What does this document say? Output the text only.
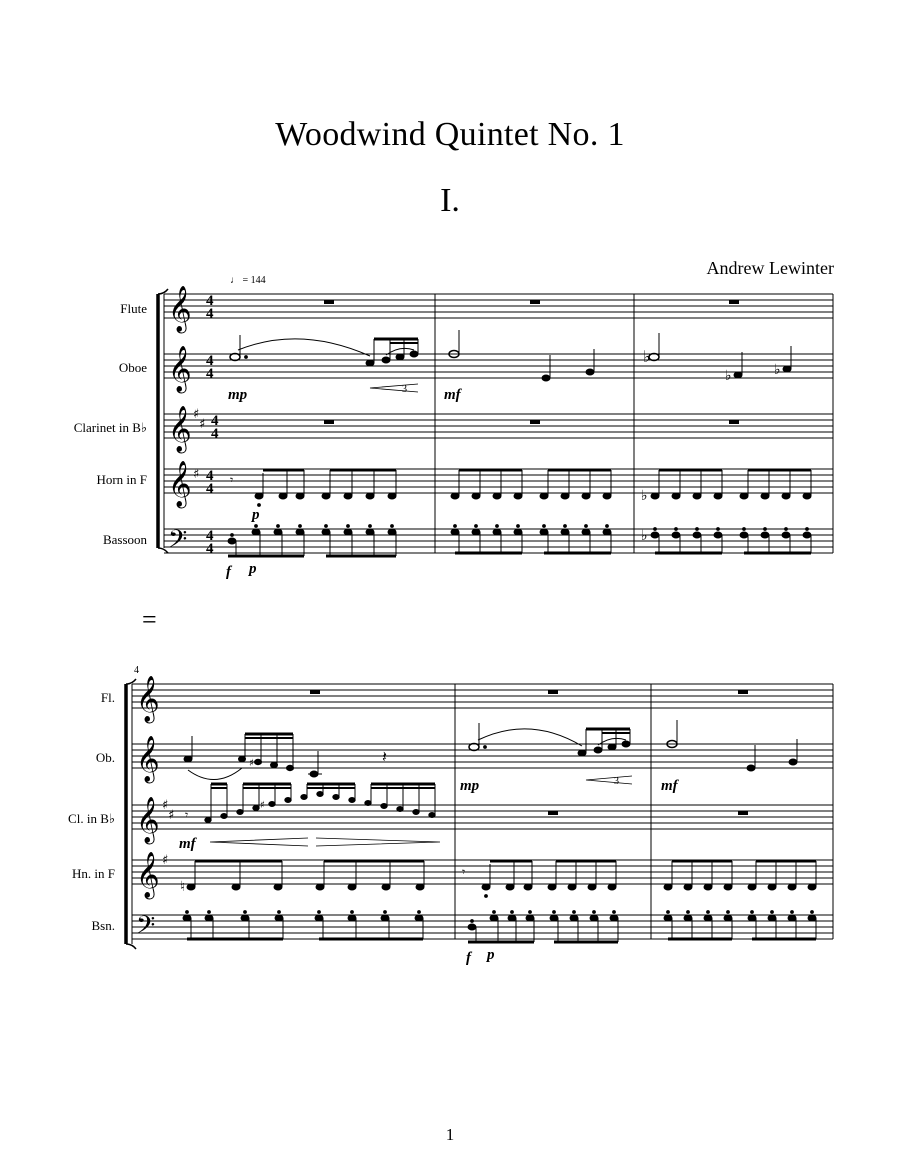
Woodwind Quintet No. 1
I.
Andrew Lewinter
1
♩ = 144
Flute
Oboe
Clarinet in B♭
Horn in F
Bassoon
𝄞
𝄞
𝄞
𝄞
𝄢
♯
♯
♯
4
4
4
4
4
4
4
4
4
4
3
mp	mf
♭
♭	♭
𝄾
p
♭
f p
♭
=
4
Fl.
Ob.
Cl. in B♭
Hn. in F
Bsn.
𝄞
𝄞
𝄞
𝄞
𝄢
♯
♯
♯
♯	𝄽
3
mp	mf
𝄾
♯
mf
♮
𝄾
f p
